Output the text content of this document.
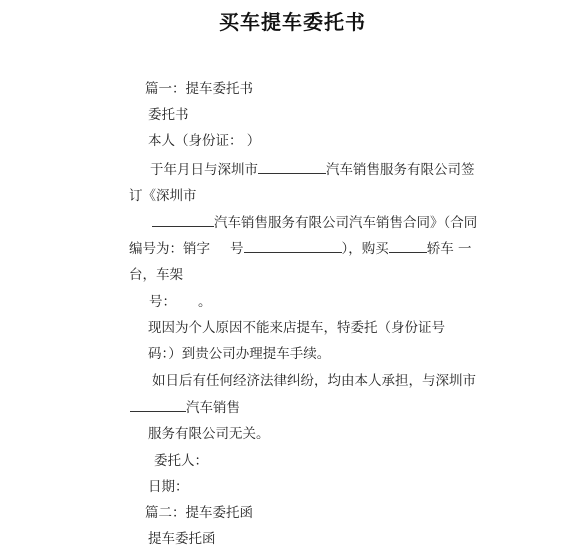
买车提车委托书
篇一：提车委托书
委托书
本人（身份证： ）
于年月日与深圳市	汽车销售服务有限公司签
订《深圳市
汽车销售服务有限公司汽车销售合同》（合同
编号为：销字 号	），购买	轿车 一
台，车架
号： 。
现因为个人原因不能来店提车，特委托（身份证号
码：）到贵公司办理提车手续。
如日后有任何经济法律纠纷，均由本人承担，与深圳市
汽车销售
服务有限公司无关。
委托人：
日期：
篇二：提车委托函
提车委托函
